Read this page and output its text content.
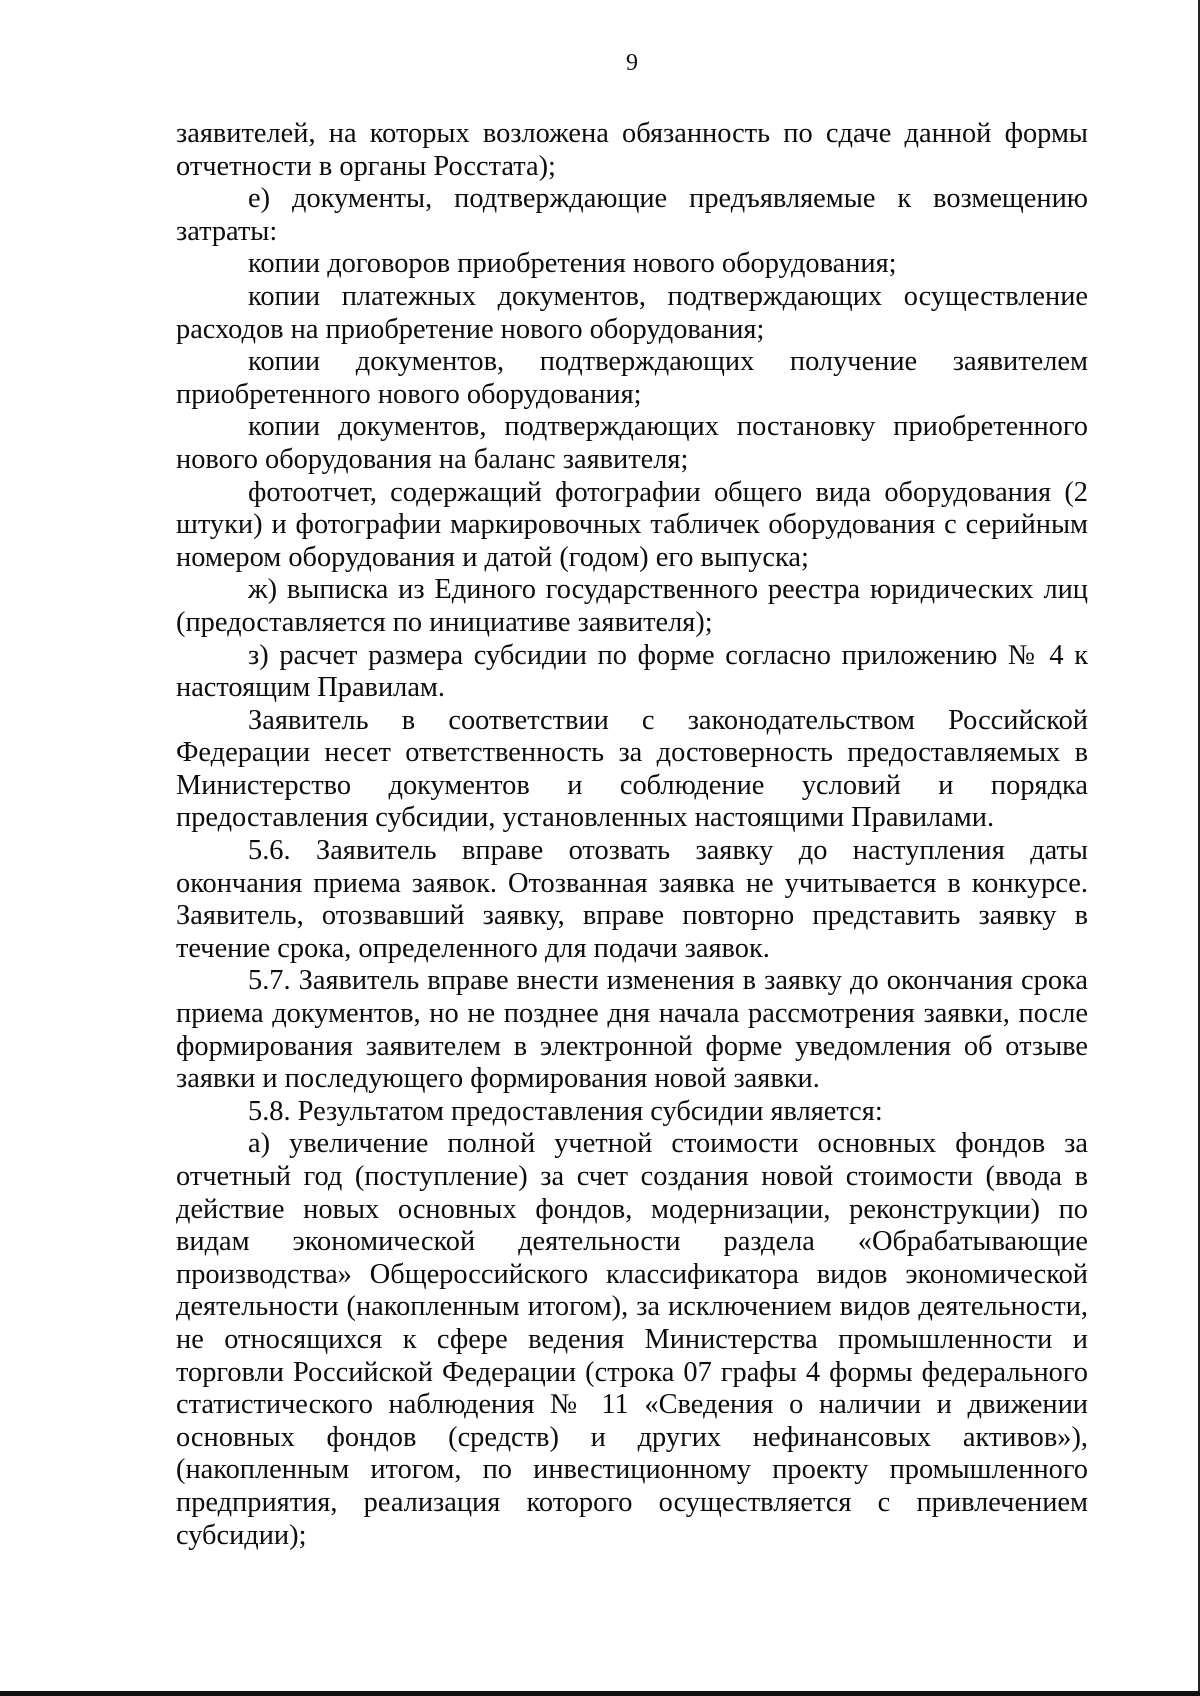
9

заявителей, на которых возложена обязанность по сдаче данной формы отчетности в органы Росстата);

е) документы, подтверждающие предъявляемые к возмещению затраты:

копии договоров приобретения нового оборудования;

копии платежных документов, подтверждающих осуществление расходов на приобретение нового оборудования;

копии документов, подтверждающих получение заявителем приобретенного нового оборудования;

копии документов, подтверждающих постановку приобретенного нового оборудования на баланс заявителя;

фотоотчет, содержащий фотографии общего вида оборудования (2 штуки) и фотографии маркировочных табличек оборудования с серийным номером оборудования и датой (годом) его выпуска;

ж) выписка из Единого государственного реестра юридических лиц (предоставляется по инициативе заявителя);

з) расчет размера субсидии по форме согласно приложению № 4 к настоящим Правилам.

Заявитель в соответствии с законодательством Российской Федерации несет ответственность за достоверность предоставляемых в Министерство документов и соблюдение условий и порядка предоставления субсидии, установленных настоящими Правилами.

5.6. Заявитель вправе отозвать заявку до наступления даты окончания приема заявок. Отозванная заявка не учитывается в конкурсе. Заявитель, отозвавший заявку, вправе повторно представить заявку в течение срока, определенного для подачи заявок.

5.7. Заявитель вправе внести изменения в заявку до окончания срока приема документов, но не позднее дня начала рассмотрения заявки, после формирования заявителем в электронной форме уведомления об отзыве заявки и последующего формирования новой заявки.

5.8. Результатом предоставления субсидии является:

а) увеличение полной учетной стоимости основных фондов за отчетный год (поступление) за счет создания новой стоимости (ввода в действие новых основных фондов, модернизации, реконструкции) по видам экономической деятельности раздела «Обрабатывающие производства» Общероссийского классификатора видов экономической деятельности (накопленным итогом), за исключением видов деятельности, не относящихся к сфере ведения Министерства промышленности и торговли Российской Федерации (строка 07 графы 4 формы федерального статистического наблюдения № 11 «Сведения о наличии и движении основных фондов (средств) и других нефинансовых активов»), (накопленным итогом, по инвестиционному проекту промышленного предприятия, реализация которого осуществляется с привлечением субсидии);
